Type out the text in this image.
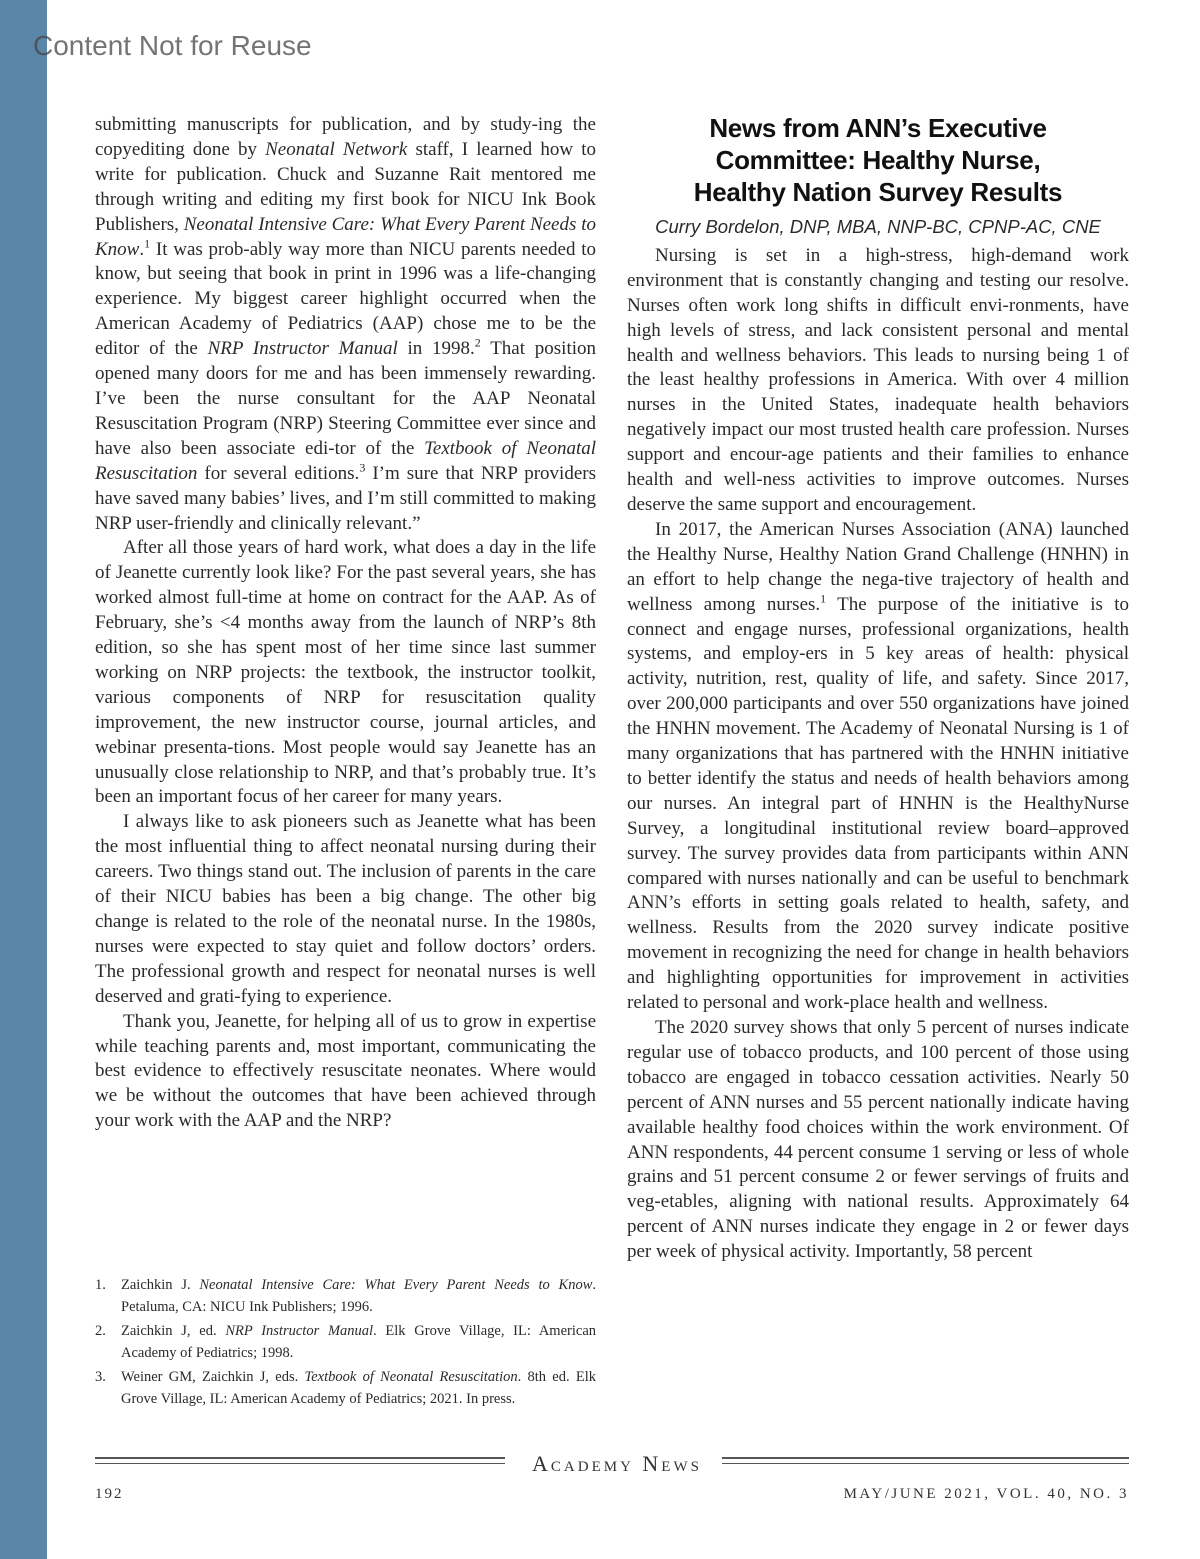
Content Not for Reuse

submitting manuscripts for publication, and by study-ing the copyediting done by Neonatal Network staff, I learned how to write for publication. Chuck and Suzanne Rait mentored me through writing and editing my first book for NICU Ink Book Publishers, Neonatal Intensive Care: What Every Parent Needs to Know.$^1$ It was prob-ably way more than NICU parents needed to know, but seeing that book in print in 1996 was a life-changing experience. My biggest career highlight occurred when the American Academy of Pediatrics (AAP) chose me to be the editor of the NRP Instructor Manual in 1998.$^2$ That position opened many doors for me and has been immensely rewarding. I’ve been the nurse consultant for the AAP Neonatal Resuscitation Program (NRP) Steering Committee ever since and have also been associate edi-tor of the Textbook of Neonatal Resuscitation for several editions.$^3$ I’m sure that NRP providers have saved many babies’ lives, and I’m still committed to making NRP user-friendly and clinically relevant.”

After all those years of hard work, what does a day in the life of Jeanette currently look like? For the past several years, she has worked almost full-time at home on contract for the AAP. As of February, she’s <4 months away from the launch of NRP’s 8th edition, so she has spent most of her time since last summer working on NRP projects: the textbook, the instructor toolkit, various components of NRP for resuscitation quality improvement, the new instructor course, journal articles, and webinar presenta-tions. Most people would say Jeanette has an unusually close relationship to NRP, and that’s probably true. It’s been an important focus of her career for many years.

I always like to ask pioneers such as Jeanette what has been the most influential thing to affect neonatal nursing during their careers. Two things stand out. The inclusion of parents in the care of their NICU babies has been a big change. The other big change is related to the role of the neonatal nurse. In the 1980s, nurses were expected to stay quiet and follow doctors’ orders. The professional growth and respect for neonatal nurses is well deserved and grati-fying to experience.

Thank you, Jeanette, for helping all of us to grow in expertise while teaching parents and, most important, communicating the best evidence to effectively resuscitate neonates. Where would we be without the outcomes that have been achieved through your work with the AAP and the NRP?

1.	Zaichkin J. Neonatal Intensive Care: What Every Parent Needs to Know. Petaluma, CA: NICU Ink Publishers; 1996.
2.	Zaichkin J, ed. NRP Instructor Manual. Elk Grove Village, IL: American Academy of Pediatrics; 1998.
3.	Weiner GM, Zaichkin J, eds. Textbook of Neonatal Resuscitation. 8th ed. Elk Grove Village, IL: American Academy of Pediatrics; 2021. In press.
News from ANN’s Executive
Committee: Healthy Nurse,
Healthy Nation Survey Results
Curry Bordelon, DNP, MBA, NNP-BC, CPNP-AC, CNE

Nursing is set in a high-stress, high-demand work environment that is constantly changing and testing our resolve. Nurses often work long shifts in difficult envi-ronments, have high levels of stress, and lack consistent personal and mental health and wellness behaviors. This leads to nursing being 1 of the least healthy professions in America. With over 4 million nurses in the United States, inadequate health behaviors negatively impact our most trusted health care profession. Nurses support and encour-age patients and their families to enhance health and well-ness activities to improve outcomes. Nurses deserve the same support and encouragement.

In 2017, the American Nurses Association (ANA) launched the Healthy Nurse, Healthy Nation Grand Challenge (HNHN) in an effort to help change the nega-tive trajectory of health and wellness among nurses.$^1$ The purpose of the initiative is to connect and engage nurses, professional organizations, health systems, and employ-ers in 5 key areas of health: physical activity, nutrition, rest, quality of life, and safety. Since 2017, over 200,000 participants and over 550 organizations have joined the HNHN movement. The Academy of Neonatal Nursing is 1 of many organizations that has partnered with the HNHN initiative to better identify the status and needs of health behaviors among our nurses. An integral part of HNHN is the HealthyNurse Survey, a longitudinal institutional review board–approved survey. The survey provides data from participants within ANN compared with nurses nationally and can be useful to benchmark ANN’s efforts in setting goals related to health, safety, and wellness. Results from the 2020 survey indicate positive movement in recognizing the need for change in health behaviors and highlighting opportunities for improvement in activities related to personal and work-place health and wellness.

The 2020 survey shows that only 5 percent of nurses indicate regular use of tobacco products, and 100 percent of those using tobacco are engaged in tobacco cessation activities. Nearly 50 percent of ANN nurses and 55 percent nationally indicate having available healthy food choices within the work environment. Of ANN respondents, 44 percent consume 1 serving or less of whole grains and 51 percent consume 2 or fewer servings of fruits and veg-etables, aligning with national results. Approximately 64 percent of ANN nurses indicate they engage in 2 or fewer days per week of physical activity. Importantly, 58 percent

Academy News
192	MAY/JUNE 2021, VOL. 40, NO. 3
